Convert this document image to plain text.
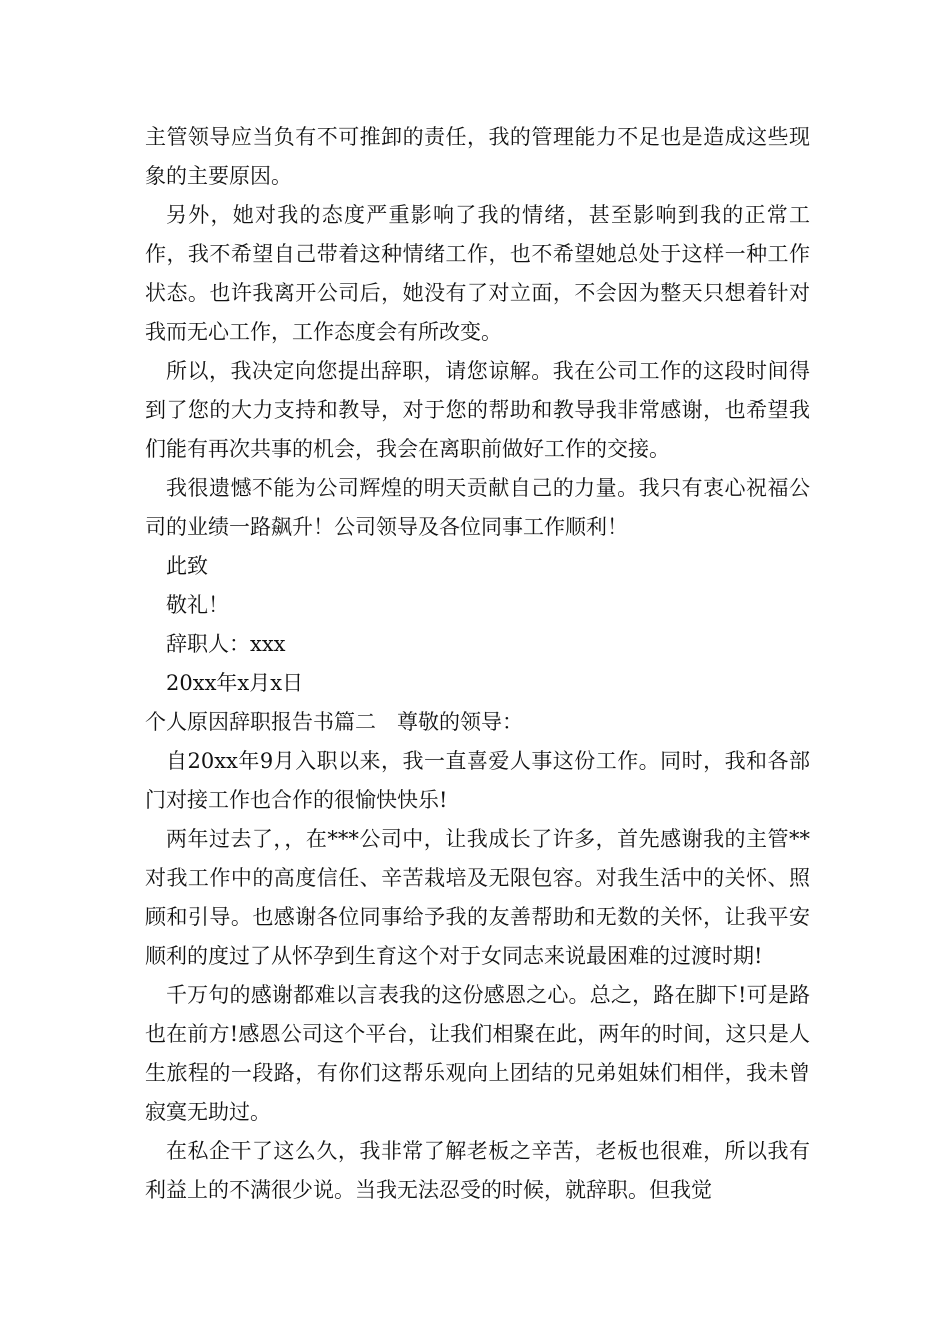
主管领导应当负有不可推卸的责任，我的管理能力不足也是造成这些现象的主要原因。

另外，她对我的态度严重影响了我的情绪，甚至影响到我的正常工作，我不希望自己带着这种情绪工作，也不希望她总处于这样一种工作状态。也许我离开公司后，她没有了对立面，不会因为整天只想着针对我而无心工作，工作态度会有所改变。

所以，我决定向您提出辞职，请您谅解。我在公司工作的这段时间得到了您的大力支持和教导，对于您的帮助和教导我非常感谢，也希望我们能有再次共事的机会，我会在离职前做好工作的交接。

我很遗憾不能为公司辉煌的明天贡献自己的力量。我只有衷心祝福公司的业绩一路飙升！公司领导及各位同事工作顺利！

此致

敬礼！

辞职人：xxx

20xx年x月x日

个人原因辞职报告书篇二　尊敬的领导：

自20xx年9月入职以来，我一直喜爱人事这份工作。同时，我和各部门对接工作也合作的很愉快快乐!

两年过去了，，在***公司中，让我成长了许多，首先感谢我的主管**对我工作中的高度信任、辛苦栽培及无限包容。对我生活中的关怀、照顾和引导。也感谢各位同事给予我的友善帮助和无数的关怀，让我平安顺利的度过了从怀孕到生育这个对于女同志来说最困难的过渡时期!

千万句的感谢都难以言表我的这份感恩之心。总之，路在脚下!可是路也在前方!感恩公司这个平台，让我们相聚在此，两年的时间，这只是人生旅程的一段路，有你们这帮乐观向上团结的兄弟姐妹们相伴，我未曾寂寞无助过。

在私企干了这么久，我非常了解老板之辛苦，老板也很难，所以我有利益上的不满很少说。当我无法忍受的时候，就辞职。但我觉
